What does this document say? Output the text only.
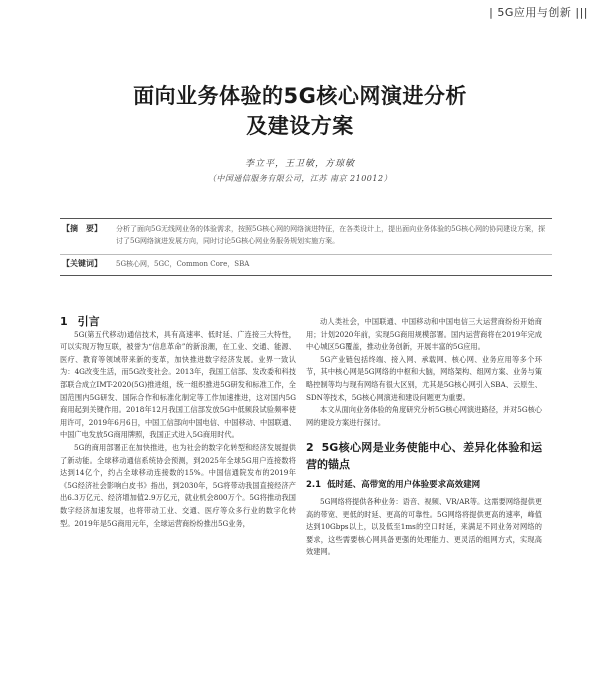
| 5G应用与创新 |||
面向业务体验的5G核心网演进分析
及建设方案
李立平，王卫敏，方琼敏
（中国通信服务有限公司，江苏 南京 210012）
【摘　要】	分析了面向5G无线网业务的体验需求，按照5G核心网的网络演进特征，在各类设计上，提出面向业务体验的5G核心网的协同建设方案，探讨了5G网络演进发展方向，同时讨论5G核心网业务服务规划实施方案。
【关键词】	5G核心网，5GC，Common Core，SBA

1 引言

5G(第五代移动)通信技术，具有高速率、低时延、广连接三大特性，可以实现万物互联，被誉为“信息革命”的新浪潮，在工业、交通、能源、医疗、教育等领域带来新的变革，加快推进数字经济发展。业界一致认为：4G改变生活，而5G改变社会。2013年，我国工信部、发改委和科技部联合成立IMT-2020(5G)推进组，统一组织推进5G研发和标准工作，全国范围内5G研发、国际合作和标准化制定等工作加速推进，这对国内5G商用起到关键作用。2018年12月我国工信部发放5G中低频段试验频率使用许可，2019年6月6日，中国工信部向中国电信、中国移动、中国联通、中国广电发放5G商用牌照，我国正式进入5G商用时代。

5G的商用部署正在加快推进，也为社会的数字化转型和经济发展提供了新动能。全球移动通信系统协会预测，到2025年全球5G用户连接数将达到14亿个，约占全球移动连接数的15%。中国信通院发布的2019年《5G经济社会影响白皮书》指出，到2030年，5G将带动我国直接经济产出6.3万亿元、经济增加值2.9万亿元，就业机会800万个。5G将推动我国数字经济加速发展，也将带动工业、交通、医疗等众多行业的数字化转型。2019年是5G商用元年，全球运营商纷纷推出5G业务，

动人类社会，中国联通、中国移动和中国电信三大运营商纷纷开始商用；计划2020年前，实现5G商用规模部署。国内运营商将在2019年完成中心城区5G覆盖，推动业务创新，开展丰富的5G应用。

5G产业链包括终端、接入网、承载网、核心网、业务应用等多个环节，其中核心网是5G网络的中枢和大脑，网络架构、组网方案、业务与策略控制等均与现有网络有很大区别，尤其是5G核心网引入SBA、云原生、SDN等技术，5G核心网演进和建设问题更为重要。

本文从面向业务体验的角度研究分析5G核心网演进路径，并对5G核心网的建设方案进行探讨。

2 5G核心网是业务使能中心、差异化体验和运营的锚点
2.1 低时延、高带宽的用户体验要求高效建网

5G网络将提供各种业务：语音、视频、VR/AR等。这需要网络提供更高的带宽、更低的时延、更高的可靠性。5G网络将提供更高的速率，峰值达到10Gbps以上，以及低至1ms的空口时延，来满足不同业务对网络的要求，这些需要核心网具备更强的处理能力、更灵活的组网方式，实现高效建网。
